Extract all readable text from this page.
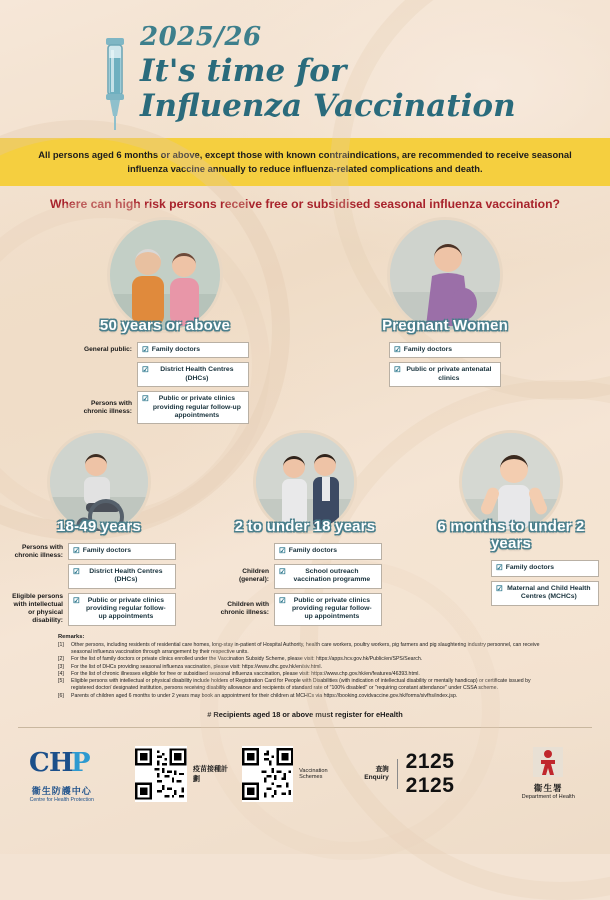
2025/26
It's time for
Influenza Vaccination
All persons aged 6 months or above, except those with known contraindications, are recommended to receive seasonal influenza vaccine annually to reduce influenza-related complications and death.
Where can high risk persons receive free or subsidised seasonal influenza vaccination?
50 years or above
General public: ☑ Family doctors
☑	District Health Centres (DHCs)
Persons with chronic illness:
☑	Public or private clinics providing regular follow-up appointments
Pregnant Women
☑ Family doctors
☑ Public or private antenatal clinics
18-49 years
Persons with chronic illness: ☑ Family doctors
☑	District Health Centres (DHCs)
Eligible persons with intellectual or physical disability:
☑	Public or private clinics providing regular follow-up appointments
2 to under 18 years
☑ Family doctors
Children (general):
☑	School outreach vaccination programme
Children with chronic illness:
☑	Public or private clinics providing regular follow-up appointments
6 months to under 2 years
☑ Family doctors
☑ Maternal and Child Health Centres (MCHCs)
Remarks:
[1]	Other persons, including residents of residential care homes, long-stay in-patient of Hospital Authority, health care workers, poultry workers, pig farmers and pig slaughtering industry personnel, can receive seasonal influenza vaccination through arrangement by their respective units.
[2]	For the list of family doctors or private clinics enrolled under the Vaccination Subsidy Scheme, please visit: https://apps.hcv.gov.hk/Public/en/SPS/Search.
[3]	For the list of DHCs providing seasonal influenza vaccination, please visit: https://www.dhc.gov.hk/en/siv.html.
[4]	For the list of chronic illnesses eligible for free or subsidised seasonal influenza vaccination, please visit: https://www.chp.gov.hk/en/features/46393.html.
[5]	Eligible persons with intellectual or physical disability include holders of Registration Card for People with Disabilities (with indication of intellectual disability or mentally handicap) or certificate issued by registered doctor/ designated institution, persons receiving disability allowance and recipients of standard rate of "100% disabled" or "requiring constant attendance" under CSSA scheme.
[6]	Parents of children aged 6 months to under 2 years may book an appointment for their children at MCHCs via https://booking.covidvaccine.gov.hk/forms/sivfhs/index.jsp.
# Recipients aged 18 or above must register for eHealth
C H
P
衞生防護中心
Centre for Health Protection
疫苗接種計劃
Vaccination Schemes
查詢
Enquiry
2125 2125	衞生署
Department of Health
